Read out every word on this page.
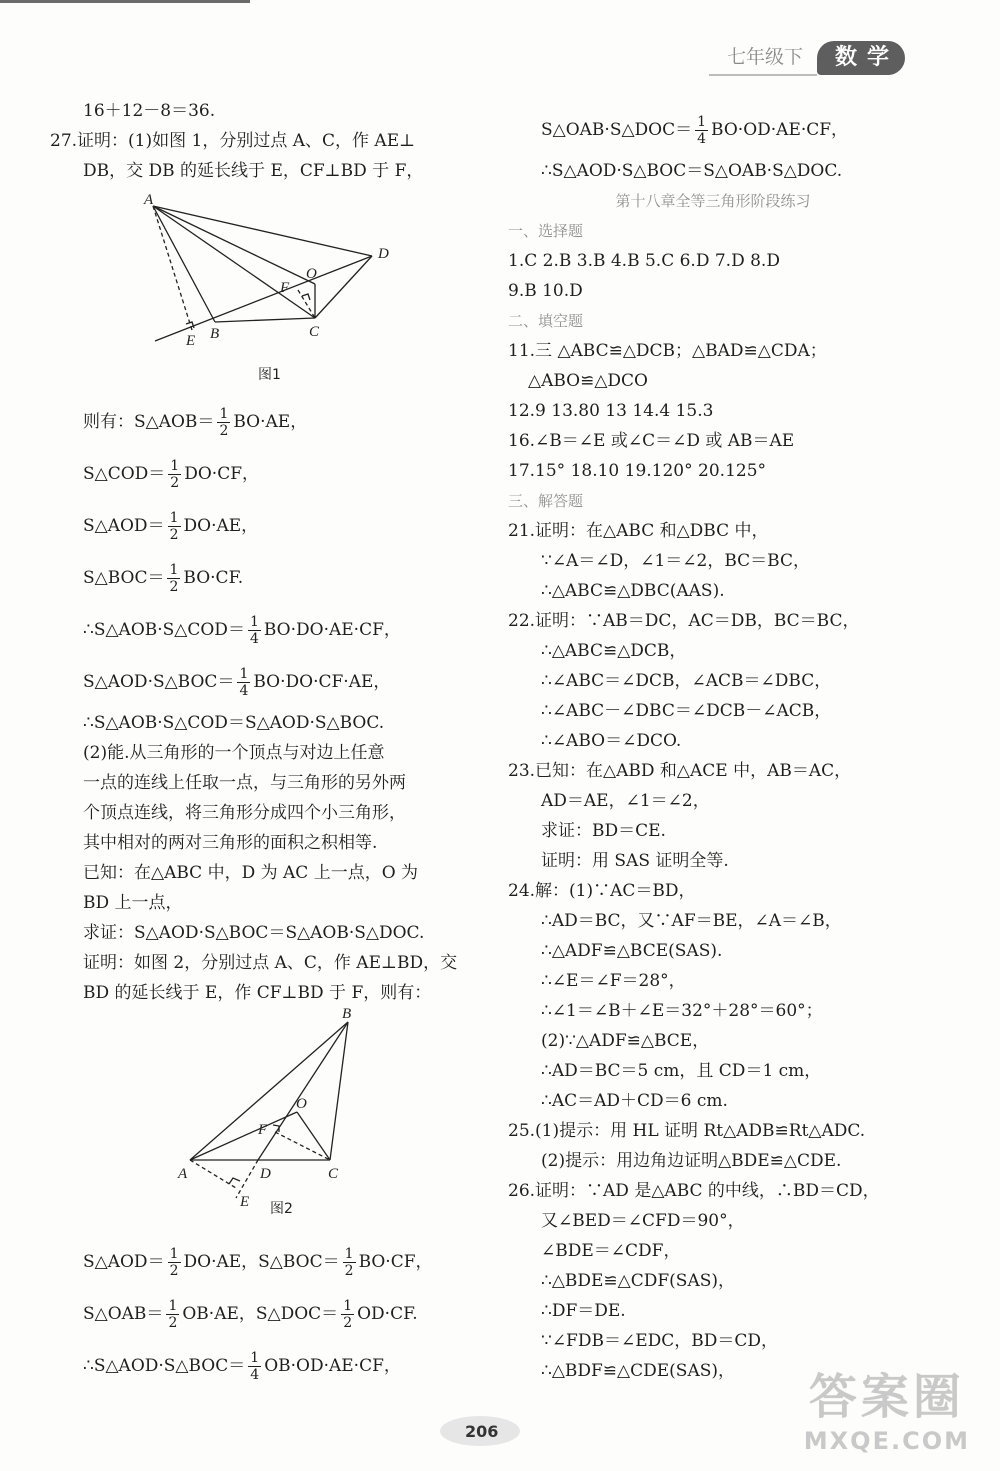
七年级下	数学
16＋12－8＝36.
27.证明：(1)如图 1，分别过点 A、C，作 AE⊥
DB，交 DB 的延长线于 E，CF⊥BD 于 F，
A
D
O
F
B
E
C
图1
则有：S△AOB＝ $\frac{1}{2} BO\cdot AE$，
S△COD＝ $\frac{1}{2} DO\cdot CF$，
S△AOD＝ $\frac{1}{2} DO\cdot AE$，
S△BOC＝ $\frac{1}{2} BO\cdot CF$.
∴S△AOB·S△COD＝ $\frac{1}{4} BO\cdot DO\cdot AE\cdot CF$，
S△AOD·S△BOC＝ $\frac{1}{4} BO\cdot DO\cdot CF\cdot AE$，
∴S△AOB·S△COD＝S△AOD·S△BOC.
(2)能.从三角形的一个顶点与对边上任意
一点的连线上任取一点，与三角形的另外两
个顶点连线，将三角形分成四个小三角形，
其中相对的两对三角形的面积之积相等.
已知：在△ABC 中，D 为 AC 上一点，O 为
BD 上一点，
求证：S△AOD·S△BOC＝S△AOB·S△DOC.
证明：如图 2，分别过点 A、C，作 AE⊥BD，交
BD 的延长线于 E，作 CF⊥BD 于 F，则有：
B
O
F
A	D	C
E 图2
S△AOD＝ $\frac{1}{2} DO\cdot AE$，S△BOC＝ $\frac{1}{2} BO\cdot CF$，
S△OAB＝ $\frac{1}{2} OB\cdot AE$，S△DOC＝ $\frac{1}{2} OD\cdot CF$.
∴S△AOD·S△BOC＝ $\frac{1}{4} OB\cdot OD\cdot AE\cdot CF$，
S△OAB·S△DOC＝ $\frac{1}{4} BO\cdot OD\cdot AE\cdot CF$，
∴S△AOD·S△BOC＝S△OAB·S△DOC.
第十八章全等三角形阶段练习
一、选择题
1.C 2.B 3.B 4.B 5.C 6.D 7.D 8.D
9.B 10.D
二、填空题
11.三 △ABC≌△DCB；△BAD≌△CDA；
△ABO≌△DCO
12.9 13.80 13 14.4 15.3
16.∠B＝∠E 或∠C＝∠D 或 AB＝AE
17.15° 18.10 19.120° 20.125°
三、解答题
21.证明：在△ABC 和△DBC 中，
∵∠A＝∠D，∠1＝∠2，BC＝BC，
∴△ABC≌△DBC(AAS).
22.证明：∵AB＝DC，AC＝DB，BC＝BC，
∴△ABC≌△DCB，
∴∠ABC＝∠DCB，∠ACB＝∠DBC，
∴∠ABC－∠DBC＝∠DCB－∠ACB，
∴∠ABO＝∠DCO.
23.已知：在△ABD 和△ACE 中，AB＝AC，
AD＝AE，∠1＝∠2，
求证：BD＝CE.
证明：用 SAS 证明全等.
24.解：(1)∵AC＝BD，
∴AD＝BC，又∵AF＝BE，∠A＝∠B，
∴△ADF≌△BCE(SAS).
∴∠E＝∠F＝28°，
∴∠1＝∠B＋∠E＝32°＋28°＝60°；
(2)∵△ADF≌△BCE，
∴AD＝BC＝5 cm，且 CD＝1 cm，
∴AC＝AD＋CD＝6 cm.
25.(1)提示：用 HL 证明 Rt△ADB≌Rt△ADC.
(2)提示：用边角边证明△BDE≌△CDE.
26.证明：∵AD 是△ABC 的中线，∴BD＝CD，
又∠BED＝∠CFD＝90°，
∠BDE＝∠CDF，
∴△BDE≌△CDF(SAS)，
∴DF＝DE.
∵∠FDB＝∠EDC，BD＝CD，
∴△BDF≌△CDE(SAS)，
206
答案圈
MXQE.COM
